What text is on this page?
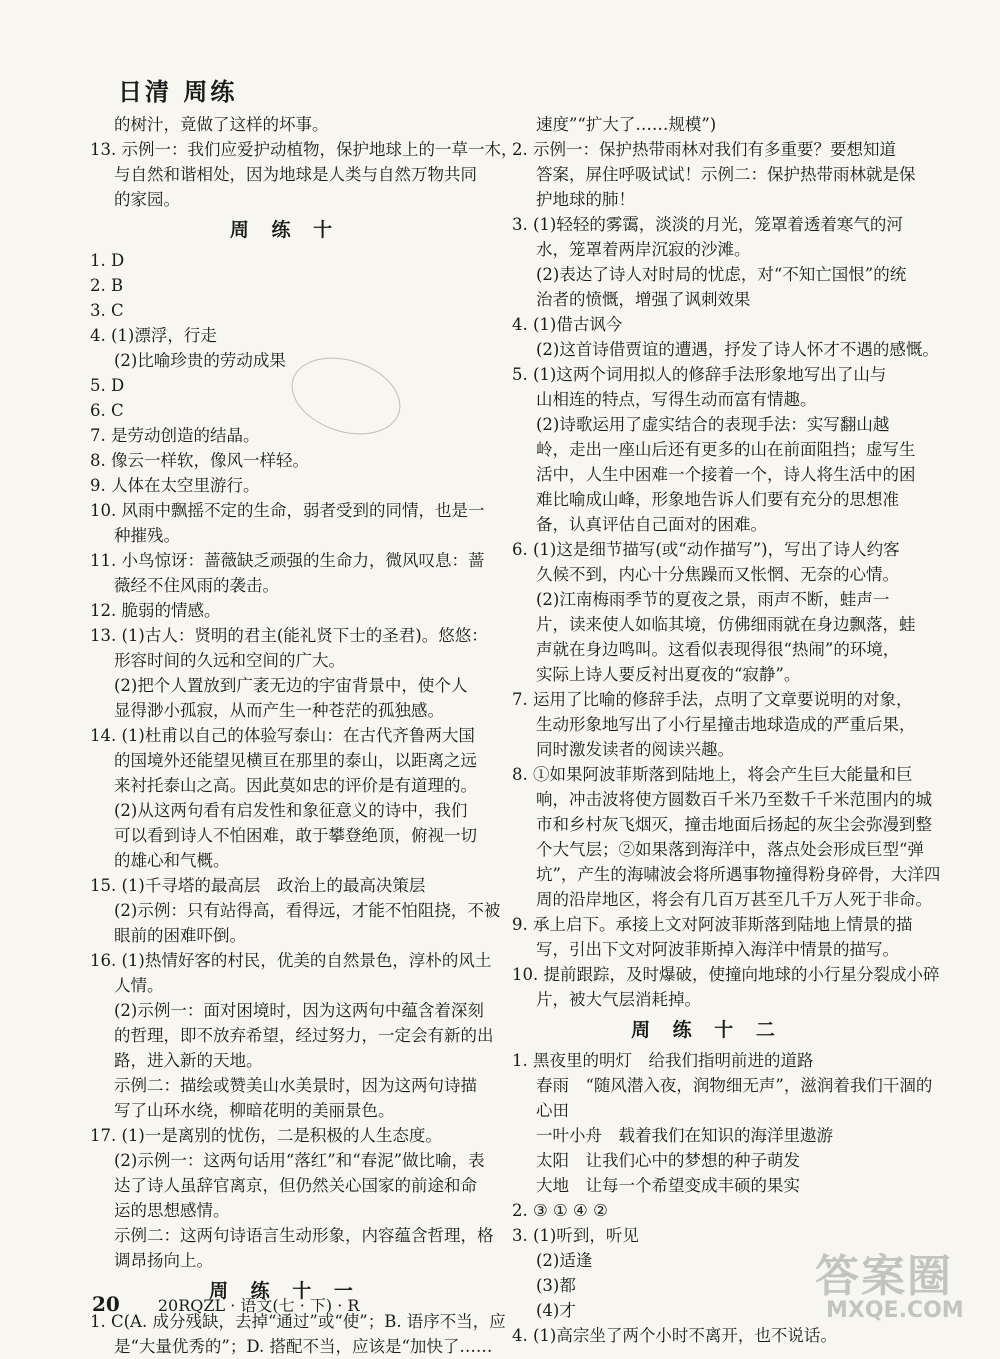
日清 周练
的树汁，竟做了这样的坏事。
13. 示例一：我们应爱护动植物，保护地球上的一草一木，
与自然和谐相处，因为地球是人类与自然万物共同
的家园。
周 练 十
1. D
2. B
3. C
4. (1)漂浮，行走
(2)比喻珍贵的劳动成果
5. D
6. C
7. 是劳动创造的结晶。
8. 像云一样软，像风一样轻。
9. 人体在太空里游行。
10. 风雨中飘摇不定的生命，弱者受到的同情，也是一
种摧残。
11. 小鸟惊讶：蔷薇缺乏顽强的生命力，微风叹息：蔷
薇经不住风雨的袭击。
12. 脆弱的情感。
13. (1)古人：贤明的君主(能礼贤下士的圣君)。悠悠：
形容时间的久远和空间的广大。
(2)把个人置放到广袤无边的宇宙背景中，使个人
显得渺小孤寂，从而产生一种苍茫的孤独感。
14. (1)杜甫以自己的体验写泰山：在古代齐鲁两大国
的国境外还能望见横亘在那里的泰山，以距离之远
来衬托泰山之高。因此莫如忠的评价是有道理的。
(2)从这两句看有启发性和象征意义的诗中，我们
可以看到诗人不怕困难，敢于攀登绝顶，俯视一切
的雄心和气概。
15. (1)千寻塔的最高层　政治上的最高决策层
(2)示例：只有站得高，看得远，才能不怕阻挠，不被
眼前的困难吓倒。
16. (1)热情好客的村民，优美的自然景色，淳朴的风土
人情。
(2)示例一：面对困境时，因为这两句中蕴含着深刻
的哲理，即不放弃希望，经过努力，一定会有新的出
路，进入新的天地。
示例二：描绘或赞美山水美景时，因为这两句诗描
写了山环水绕，柳暗花明的美丽景色。
17. (1)一是离别的忧伤，二是积极的人生态度。
(2)示例一：这两句话用“落红”和“春泥”做比喻，表
达了诗人虽辞官离京，但仍然关心国家的前途和命
运的思想感情。
示例二：这两句诗语言生动形象，内容蕴含哲理，格
调昂扬向上。
周 练 十 一
1. C(A. 成分残缺，去掉“通过”或“使”；B. 语序不当，应
是“大量优秀的”；D. 搭配不当，应该是“加快了……
速度”“扩大了……规模”)
2. 示例一：保护热带雨林对我们有多重要？要想知道
答案，屏住呼吸试试！示例二：保护热带雨林就是保
护地球的肺！
3. (1)轻轻的雾霭，淡淡的月光，笼罩着透着寒气的河
水，笼罩着两岸沉寂的沙滩。
(2)表达了诗人对时局的忧虑，对“不知亡国恨”的统
治者的愤慨，增强了讽刺效果
4. (1)借古讽今
(2)这首诗借贾谊的遭遇，抒发了诗人怀才不遇的感慨。
5. (1)这两个词用拟人的修辞手法形象地写出了山与
山相连的特点，写得生动而富有情趣。
(2)诗歌运用了虚实结合的表现手法：实写翻山越
岭，走出一座山后还有更多的山在前面阻挡；虚写生
活中，人生中困难一个接着一个，诗人将生活中的困
难比喻成山峰，形象地告诉人们要有充分的思想准
备，认真评估自己面对的困难。
6. (1)这是细节描写(或“动作描写”)，写出了诗人约客
久候不到，内心十分焦躁而又怅惘、无奈的心情。
(2)江南梅雨季节的夏夜之景，雨声不断，蛙声一
片，读来使人如临其境，仿佛细雨就在身边飘落，蛙
声就在身边鸣叫。这看似表现得很“热闹”的环境，
实际上诗人要反衬出夏夜的“寂静”。
7. 运用了比喻的修辞手法，点明了文章要说明的对象，
生动形象地写出了小行星撞击地球造成的严重后果，
同时激发读者的阅读兴趣。
8. ①如果阿波菲斯落到陆地上，将会产生巨大能量和巨
响，冲击波将使方圆数百千米乃至数千千米范围内的城
市和乡村灰飞烟灭，撞击地面后扬起的灰尘会弥漫到整
个大气层；②如果落到海洋中，落点处会形成巨型“弹
坑”，产生的海啸波会将所遇事物撞得粉身碎骨，大洋四
周的沿岸地区，将会有几百万甚至几千万人死于非命。
9. 承上启下。承接上文对阿波菲斯落到陆地上情景的描
写，引出下文对阿波菲斯掉入海洋中情景的描写。
10. 提前跟踪，及时爆破，使撞向地球的小行星分裂成小碎
片，被大气层消耗掉。
周 练 十 二
1. 黑夜里的明灯　给我们指明前进的道路
春雨　“随风潜入夜，润物细无声”，滋润着我们干涸的
心田
一叶小舟　载着我们在知识的海洋里遨游
太阳　让我们心中的梦想的种子萌发
大地　让每一个希望变成丰硕的果实
2. ③ ① ④ ②
3. (1)听到，听见
(2)适逢
(3)都
(4)才
4. (1)高宗坐了两个小时不离开，也不说话。
20 20RQZL · 语文(七 · 下) · R
答案圈
MXQE.COM
